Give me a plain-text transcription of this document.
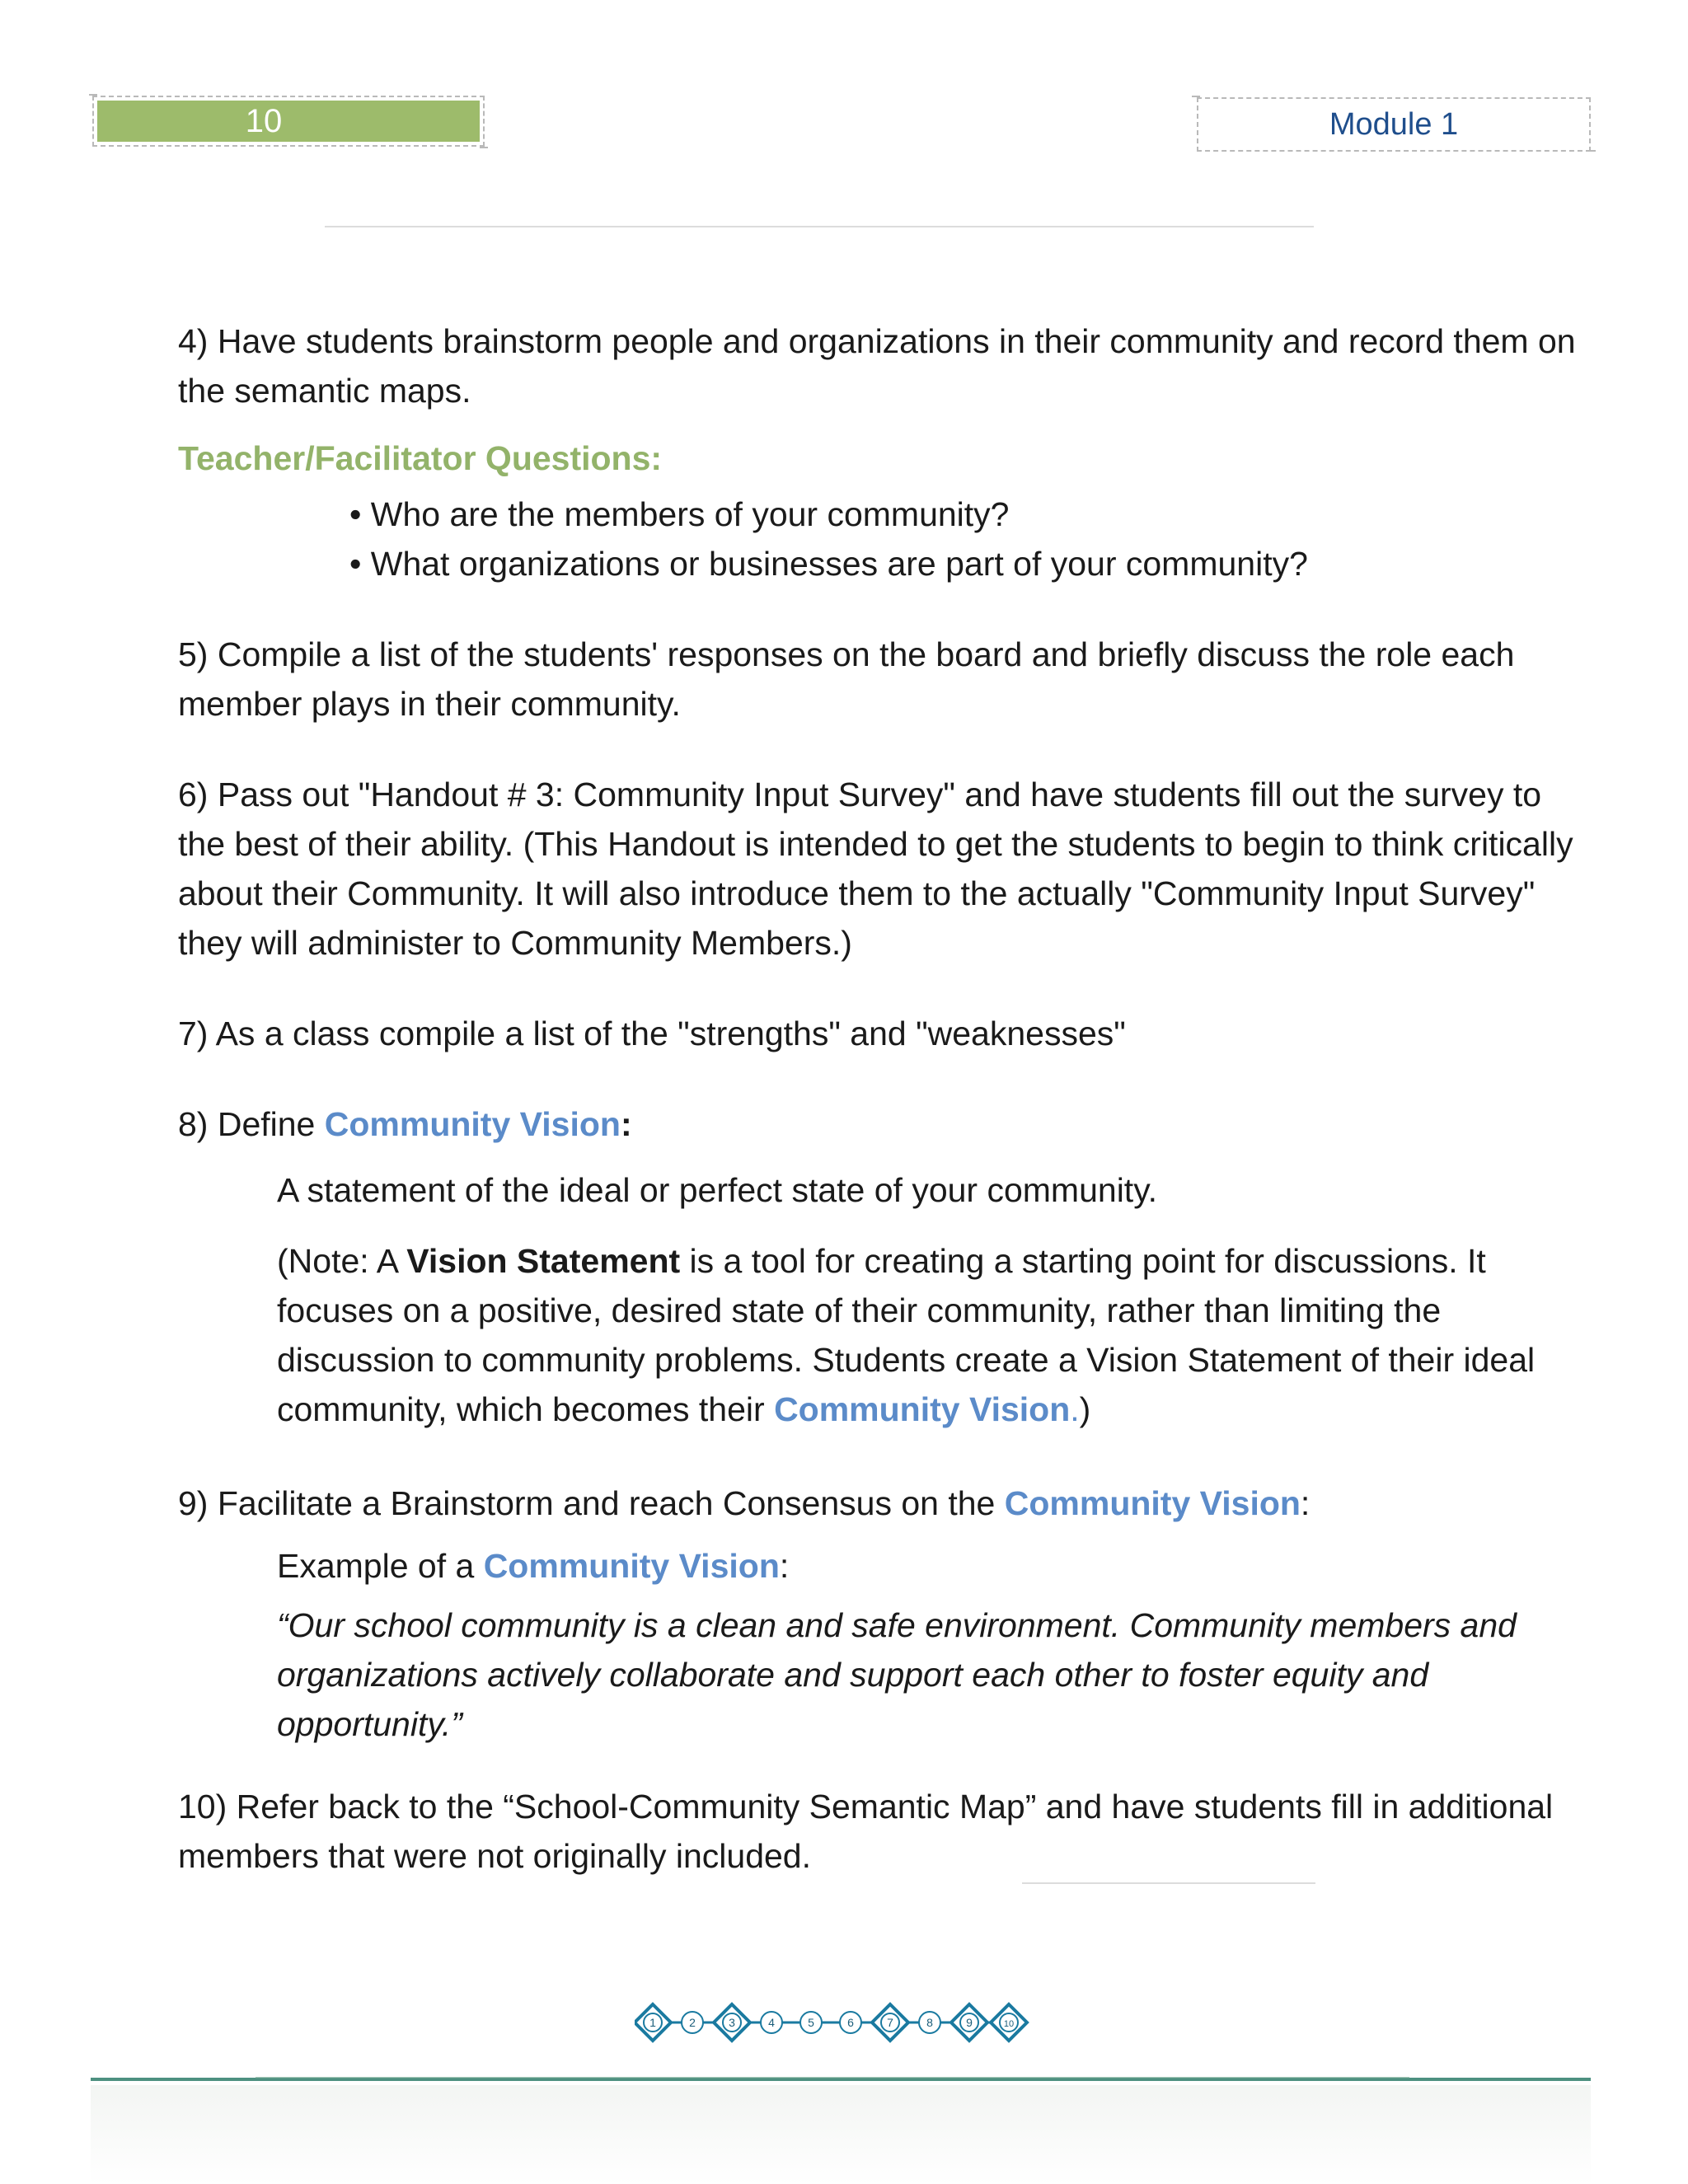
10	Module 1

4) Have students brainstorm people and organizations in their community and record them on the semantic maps.

Teacher/Facilitator Questions:

• Who are the members of your community?

• What organizations or businesses are part of your community?

5) Compile a list of the students' responses on the board and briefly discuss the role each member plays in their community.

6) Pass out "Handout # 3: Community Input Survey" and have students fill out the survey to the best of their ability. (This Handout is intended to get the students to begin to think critically about their Community. It will also introduce them to the actually "Community Input Survey" they will administer to Community Members.)

7) As a class compile a list of the "strengths" and "weaknesses"

8) Define Community Vision:

A statement of the ideal or perfect state of your community.

(Note: A Vision Statement is a tool for creating a starting point for discussions. It focuses on a positive, desired state of their community, rather than limiting the discussion to community problems. Students create a Vision Statement of their ideal community, which becomes their Community Vision.)

9) Facilitate a Brainstorm and reach Consensus on the Community Vision:

Example of a Community Vision:

“Our school community is a clean and safe environment. Community members and organizations actively collaborate and support each other to foster equity and opportunity.”

10) Refer back to the “School-Community Semantic Map” and have students fill in additional members that were not originally included.

1	2	3	4	5	6	7	8	9	10
